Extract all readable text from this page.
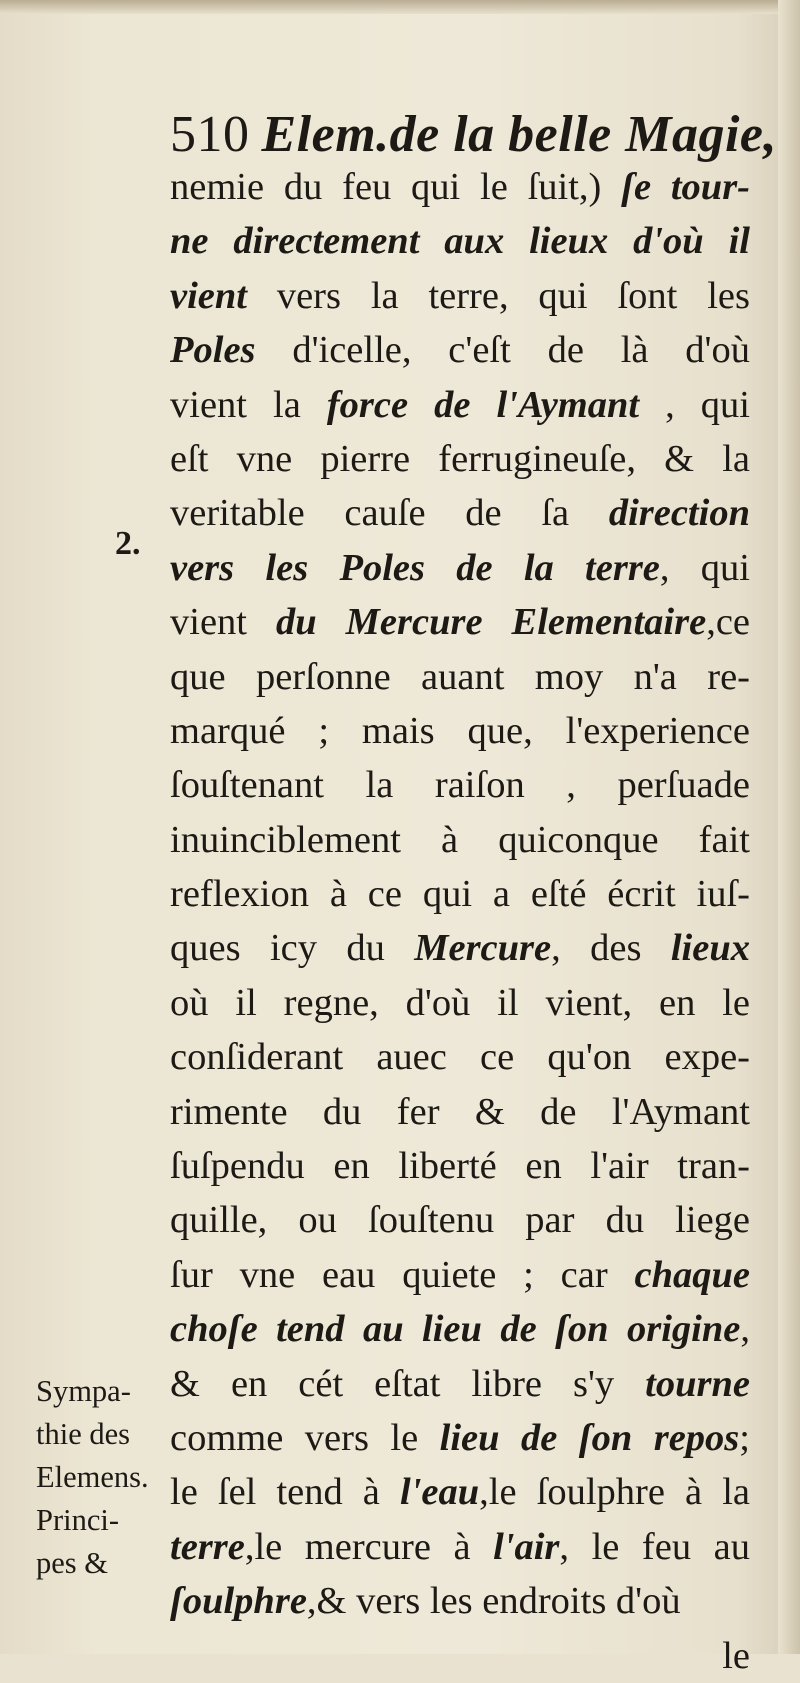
510 Elem.de la belle Magie,
2.
nemie du feu qui le ſuit,) ſe tour-
ne directement aux lieux d'où il
vient vers la terre, qui ſont les
Poles d'icelle, c'eſt de là d'où
vient la force de l'Aymant , qui
eſt vne pierre ferrugineuſe, & la
veritable cauſe de ſa direction
vers les Poles de la terre, qui
vient du Mercure Elementaire,ce
que perſonne auant moy n'a re-
marqué ; mais que, l'experience
ſouſtenant la raiſon , perſuade
inuinciblement à quiconque fait
reflexion à ce qui a eſté écrit iuſ-
ques icy du Mercure, des lieux
où il regne, d'où il vient, en le
conſiderant auec ce qu'on expe-
rimente du fer & de l'Aymant
ſuſpendu en liberté en l'air tran-
quille, ou ſouſtenu par du liege
ſur vne eau quiete ; car chaque
choſe tend au lieu de ſon origine,
& en cét eſtat libre s'y tourne
comme vers le lieu de ſon repos;
le ſel tend à l'eau,le ſoulphre à la
terre,le mercure à l'air, le feu au
ſoulphre,& vers les endroits d'où
le
Sympa-
thie des
Elemens.
Princi-
pes &
